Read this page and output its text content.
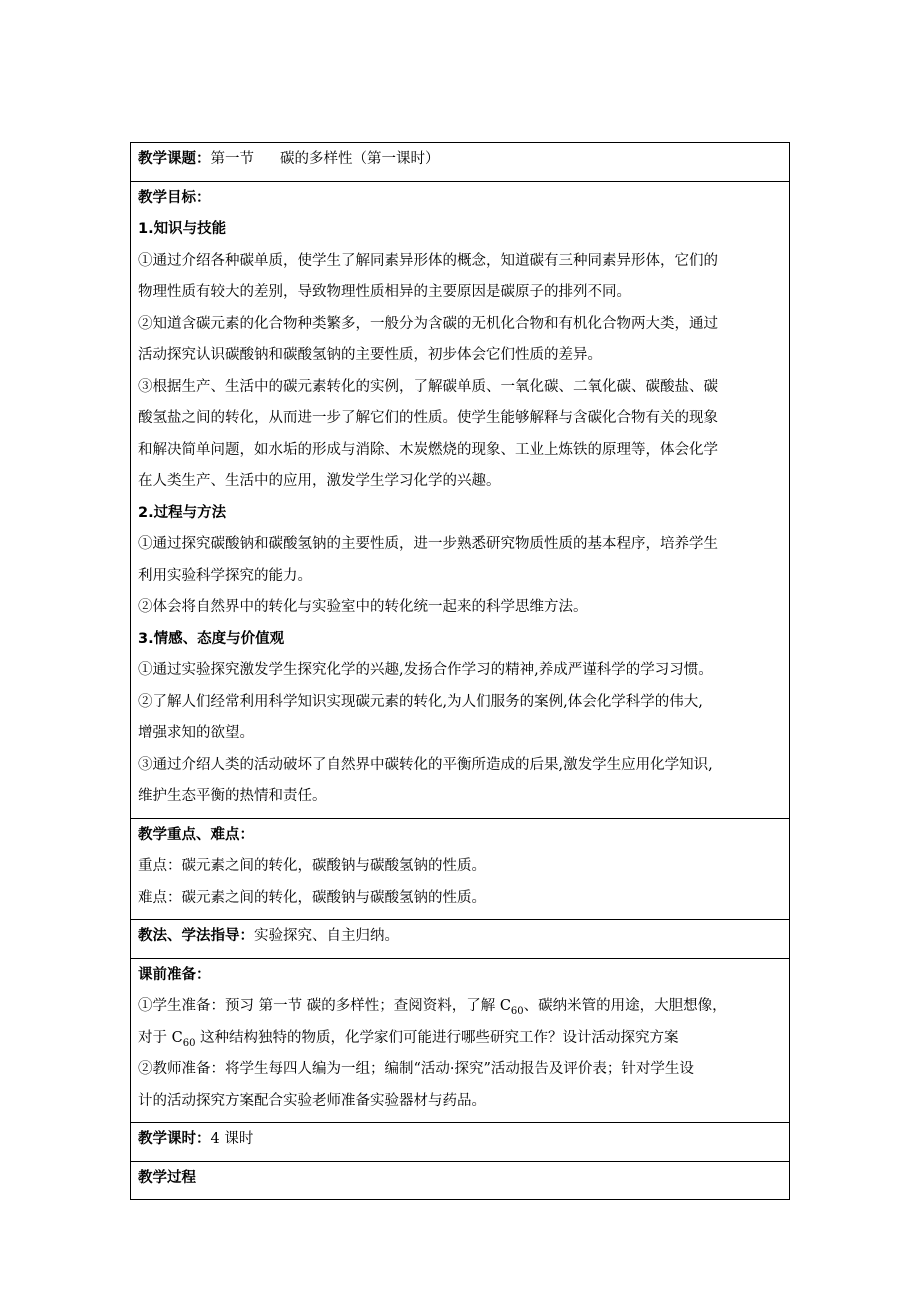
教学课题：第一节 碳的多样性（第一课时）

教学目标：
1.知识与技能
①通过介绍各种碳单质，使学生了解同素异形体的概念，知道碳有三种同素异形体，它们的
物理性质有较大的差别，导致物理性质相异的主要原因是碳原子的排列不同。
②知道含碳元素的化合物种类繁多，一般分为含碳的无机化合物和有机化合物两大类，通过
活动探究认识碳酸钠和碳酸氢钠的主要性质，初步体会它们性质的差异。
③根据生产、生活中的碳元素转化的实例，了解碳单质、一氧化碳、二氧化碳、碳酸盐、碳
酸氢盐之间的转化，从而进一步了解它们的性质。使学生能够解释与含碳化合物有关的现象
和解决简单问题，如水垢的形成与消除、木炭燃烧的现象、工业上炼铁的原理等，体会化学
在人类生产、生活中的应用，激发学生学习化学的兴趣。
2.过程与方法
①通过探究碳酸钠和碳酸氢钠的主要性质，进一步熟悉研究物质性质的基本程序，培养学生
利用实验科学探究的能力。
②体会将自然界中的转化与实验室中的转化统一起来的科学思维方法。
3.情感、态度与价值观
①通过实验探究激发学生探究化学的兴趣,发扬合作学习的精神,养成严谨科学的学习习惯。
②了解人们经常利用科学知识实现碳元素的转化,为人们服务的案例,体会化学科学的伟大,
增强求知的欲望。
③通过介绍人类的活动破坏了自然界中碳转化的平衡所造成的后果,激发学生应用化学知识,
维护生态平衡的热情和责任。

教学重点、难点：
重点：碳元素之间的转化，碳酸钠与碳酸氢钠的性质。
难点：碳元素之间的转化，碳酸钠与碳酸氢钠的性质。

教法、学法指导：实验探究、自主归纳。

课前准备：
①学生准备：预习 第一节 碳的多样性；查阅资料，了解 $C_{60}$、碳纳米管的用途，大胆想像，
对于 $C_{60}$ 这种结构独特的物质，化学家们可能进行哪些研究工作？设计活动探究方案
②教师准备：将学生每四人编为一组；编制“活动·探究”活动报告及评价表；针对学生设
计的活动探究方案配合实验老师准备实验器材与药品。

教学课时：4 课时

教学过程
